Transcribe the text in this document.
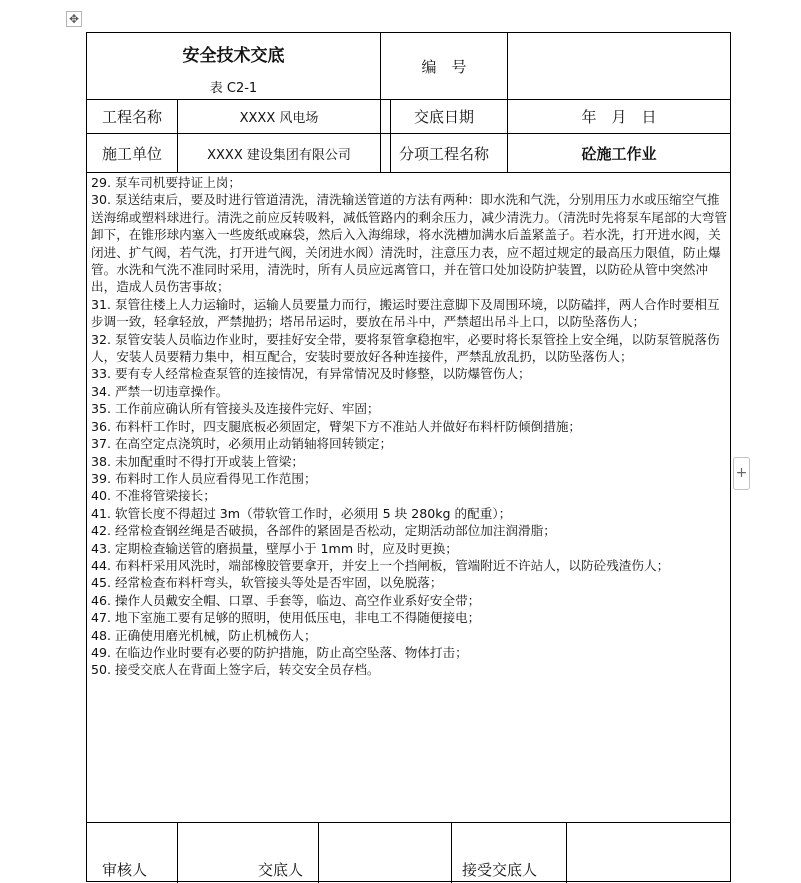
✥
+
安全技术交底
表 C2-1
编　号
工程名称	XXXX 风电场	交底日期	年　月　日
施工单位	XXXX 建设集团有限公司	分项工程名称	砼施工作业

29. 泵车司机要持证上岗；

30. 泵送结束后，要及时进行管道清洗，清洗输送管道的方法有两种：即水洗和气洗，分别用压力水或压缩空气推送海绵或塑料球进行。清洗之前应反转吸料，减低管路内的剩余压力，减少清洗力。（清洗时先将泵车尾部的大弯管卸下，在锥形球内塞入一些废纸或麻袋，然后入入海绵球，将水洗槽加满水后盖紧盖子。若水洗，打开进水阀，关闭进、扩气阀，若气洗，打开进气阀，关闭进水阀）清洗时，注意压力表，应不超过规定的最高压力限值，防止爆管。水洗和气洗不准同时采用，清洗时，所有人员应远离管口，并在管口处加设防护装置，以防砼从管中突然冲出，造成人员伤害事故；

31. 泵管往楼上人力运输时，运输人员要量力而行，搬运时要注意脚下及周围环境，以防磕拌，两人合作时要相互步调一致，轻拿轻放，严禁抛扔；塔吊吊运时，要放在吊斗中，严禁超出吊斗上口，以防坠落伤人；

32. 泵管安装人员临边作业时，要挂好安全带，要将泵管拿稳抱牢，必要时将长泵管拴上安全绳，以防泵管脱落伤人，安装人员要精力集中，相互配合，安装时要放好各种连接件，严禁乱放乱扔，以防坠落伤人；

33. 要有专人经常检查泵管的连接情况，有异常情况及时修整，以防爆管伤人；

34. 严禁一切违章操作。

35. 工作前应确认所有管接头及连接件完好、牢固；

36. 布料杆工作时，四支腿底板必须固定，臂架下方不准站人并做好布料杆防倾倒措施；

37. 在高空定点浇筑时，必须用止动销轴将回转锁定；

38. 未加配重时不得打开或装上管梁；

39. 布料时工作人员应看得见工作范围；

40. 不准将管梁接长；

41. 软管长度不得超过 3m（带软管工作时，必须用 5 块 280kg 的配重）；

42. 经常检查钢丝绳是否破损，各部件的紧固是否松动，定期活动部位加注润滑脂；

43. 定期检查输送管的磨损量，壁厚小于 1mm 时，应及时更换；

44. 布料杆采用风洗时，端部橡胶管要拿开，并安上一个挡闸板，管端附近不许站人，以防砼残渣伤人；

45. 经常检查布料杆弯头，软管接头等处是否牢固，以免脱落；

46. 操作人员戴安全帽、口罩、手套等，临边、高空作业系好安全带；

47. 地下室施工要有足够的照明，使用低压电，非电工不得随便接电；

48. 正确使用磨光机械，防止机械伤人；

49. 在临边作业时要有必要的防护措施，防止高空坠落、物体打击；

50. 接受交底人在背面上签字后，转交安全员存档。

审核人	交底人	接受交底人
